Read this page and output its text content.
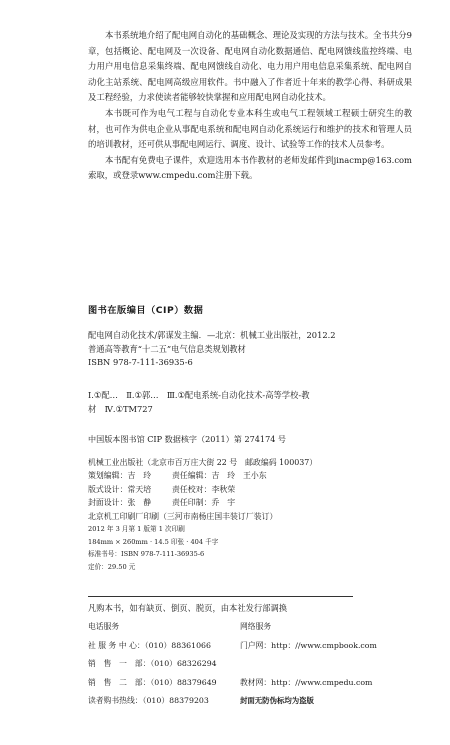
本书系统地介绍了配电网自动化的基础概念、理论及实现的方法与技术。全书共分9章，包括概论、配电网及一次设备、配电网自动化数据通信、配电网馈线监控终端、电力用户用电信息采集终端、配电网馈线自动化、电力用户用电信息采集系统、配电网自动化主站系统、配电网高级应用软件。书中融入了作者近十年来的教学心得、科研成果及工程经验，力求使读者能够较快掌握和应用配电网自动化技术。

本书既可作为电气工程与自动化专业本科生或电气工程领域工程硕士研究生的教材，也可作为供电企业从事配电系统和配电网自动化系统运行和维护的技术和管理人员的培训教材，还可供从事配电网运行、调度、设计、试验等工作的技术人员参考。

本书配有免费电子课件，欢迎选用本书作教材的老师发邮件到jinacmp@163.com索取，或登录www.cmpedu.com注册下载。

图书在版编目（CIP）数据
配电网自动化技术/郭谋发主编．—北京：机械工业出版社，2012.2
普通高等教育“十二五”电气信息类规划教材
ISBN 978-7-111-36935-6
Ⅰ.①配…　Ⅱ.①郭…　Ⅲ.①配电系统-自动化技术-高等学校-教
材　Ⅳ.①TM727
中国版本图书馆 CIP 数据核字（2011）第 274174 号
机械工业出版社（北京市百万庄大街 22 号　邮政编码 100037）
策划编辑：吉　玲	责任编辑：吉　玲　王小东
版式设计：常天培	责任校对：李秋荣
封面设计：张　静	责任印制：乔　宇
北京机工印刷厂印刷（三河市南杨庄国丰装订厂装订）
2012 年 3 月第 1 版第 1 次印刷
184mm × 260mm · 14.5 印张 · 404 千字
标准书号：ISBN 978-7-111-36935-6
定价：29.50 元
凡购本书，如有缺页、倒页、脱页，由本社发行部调换
电话服务	网络服务
社 服 务 中 心：（010）88361066	门户网：http：//www.cmpbook.com
销　售　一　部：（010）68326294
销　售　二　部：（010）88379649	教材网：http：//www.cmpedu.com
读者购书热线：（010）88379203	封面无防伪标均为盗版
